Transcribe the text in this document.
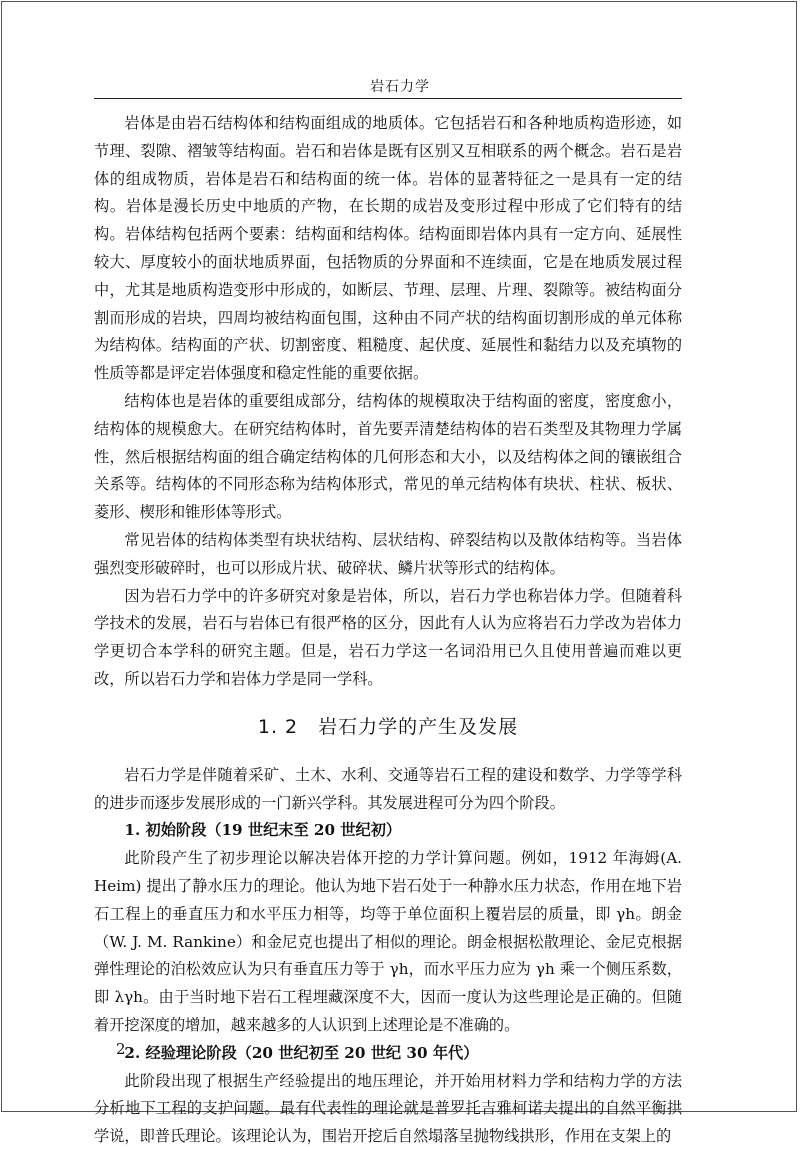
岩石力学

岩体是由岩石结构体和结构面组成的地质体。它包括岩石和各种地质构造形迹，如节理、裂隙、褶皱等结构面。岩石和岩体是既有区别又互相联系的两个概念。岩石是岩体的组成物质，岩体是岩石和结构面的统一体。岩体的显著特征之一是具有一定的结构。岩体是漫长历史中地质的产物，在长期的成岩及变形过程中形成了它们特有的结构。岩体结构包括两个要素：结构面和结构体。结构面即岩体内具有一定方向、延展性较大、厚度较小的面状地质界面，包括物质的分界面和不连续面，它是在地质发展过程中，尤其是地质构造变形中形成的，如断层、节理、层理、片理、裂隙等。被结构面分割而形成的岩块，四周均被结构面包围，这种由不同产状的结构面切割形成的单元体称为结构体。结构面的产状、切割密度、粗糙度、起伏度、延展性和黏结力以及充填物的性质等都是评定岩体强度和稳定性能的重要依据。

结构体也是岩体的重要组成部分，结构体的规模取决于结构面的密度，密度愈小，结构体的规模愈大。在研究结构体时，首先要弄清楚结构体的岩石类型及其物理力学属性，然后根据结构面的组合确定结构体的几何形态和大小，以及结构体之间的镶嵌组合关系等。结构体的不同形态称为结构体形式，常见的单元结构体有块状、柱状、板状、菱形、楔形和锥形体等形式。

常见岩体的结构体类型有块状结构、层状结构、碎裂结构以及散体结构等。当岩体强烈变形破碎时，也可以形成片状、破碎状、鳞片状等形式的结构体。

因为岩石力学中的许多研究对象是岩体，所以，岩石力学也称岩体力学。但随着科学技术的发展，岩石与岩体已有很严格的区分，因此有人认为应将岩石力学改为岩体力学更切合本学科的研究主题。但是，岩石力学这一名词沿用已久且使用普遍而难以更改，所以岩石力学和岩体力学是同一学科。

1. 2　岩石力学的产生及发展

岩石力学是伴随着采矿、土木、水利、交通等岩石工程的建设和数学、力学等学科的进步而逐步发展形成的一门新兴学科。其发展进程可分为四个阶段。

1. 初始阶段（19 世纪末至 20 世纪初）

此阶段产生了初步理论以解决岩体开挖的力学计算问题。例如，1912 年海姆(A. Heim) 提出了静水压力的理论。他认为地下岩石处于一种静水压力状态，作用在地下岩石工程上的垂直压力和水平压力相等，均等于单位面积上覆岩层的质量，即 γh。朗金（W. J. M. Rankine）和金尼克也提出了相似的理论。朗金根据松散理论、金尼克根据弹性理论的泊松效应认为只有垂直压力等于 γh，而水平压力应为 γh 乘一个侧压系数，即 λγh。由于当时地下岩石工程埋藏深度不大，因而一度认为这些理论是正确的。但随着开挖深度的增加，越来越多的人认识到上述理论是不准确的。

2. 经验理论阶段（20 世纪初至 20 世纪 30 年代）

此阶段出现了根据生产经验提出的地压理论，并开始用材料力学和结构力学的方法分析地下工程的支护问题。最有代表性的理论就是普罗托吉雅柯诺夫提出的自然平衡拱学说，即普氏理论。该理论认为，围岩开挖后自然塌落呈抛物线拱形，作用在支架上的

2
